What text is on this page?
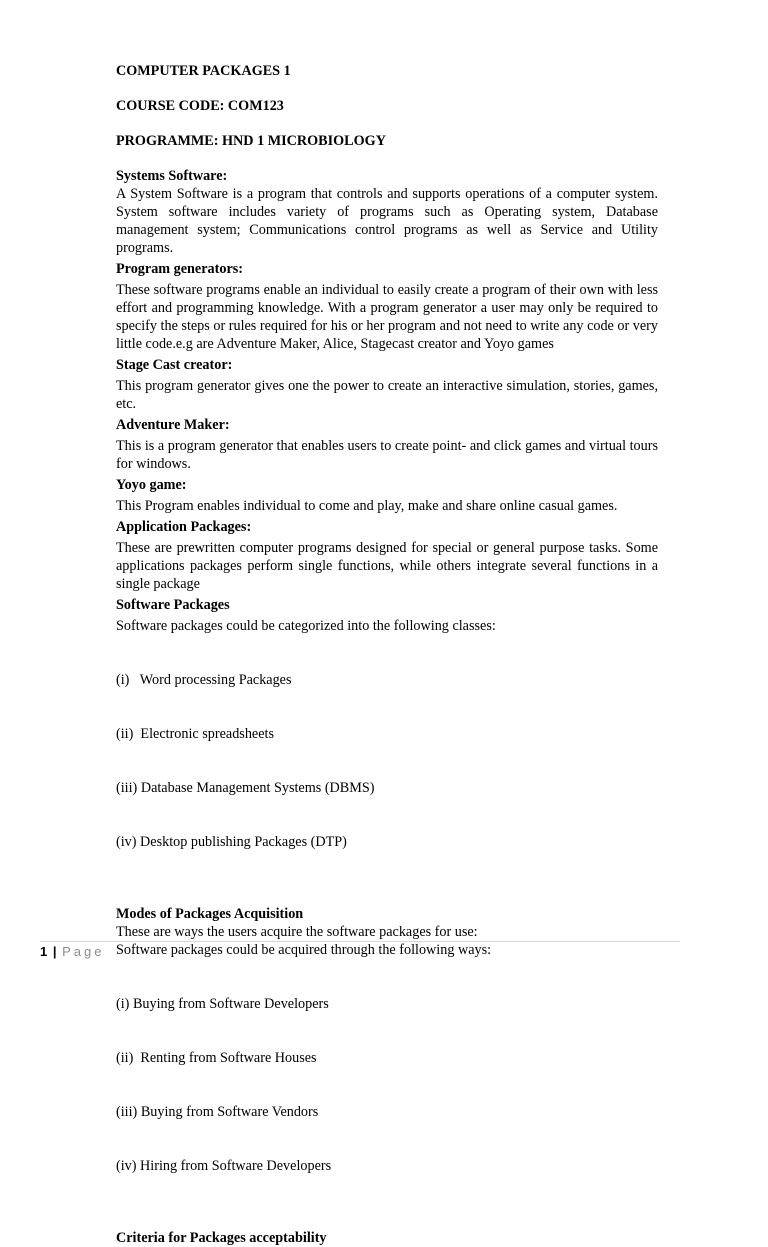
COMPUTER PACKAGES 1

COURSE CODE: COM123

PROGRAMME: HND 1 MICROBIOLOGY

Systems Software:

A System Software is a program that controls and supports operations of a computer system. System software includes variety of programs such as Operating system, Database management system; Communications control programs as well as Service and Utility programs.

Program generators:

These software programs enable an individual to easily create a program of their own with less effort and programming knowledge. With a program generator a user may only be required to specify the steps or rules required for his or her program and not need to write any code or very little code.e.g are Adventure Maker, Alice, Stagecast creator and Yoyo games

Stage Cast creator:

This program generator gives one the power to create an interactive simulation, stories, games, etc.

Adventure Maker:

This is a program generator that enables users to create point- and click games and virtual tours for windows.

Yoyo game:

This Program enables individual to come and play, make and share online casual games.

Application Packages:

These are prewritten computer programs designed for special or general purpose tasks. Some applications packages perform single functions, while others integrate several functions in a single package

Software Packages

Software packages could be categorized into the following classes:

(i)   Word processing Packages

(ii)  Electronic spreadsheets

(iii) Database Management Systems (DBMS)

(iv) Desktop publishing Packages (DTP)

Modes of Packages Acquisition

These are ways the users acquire the software packages for use:

Software packages could be acquired through the following ways:

(i) Buying from Software Developers

(ii)  Renting from Software Houses

(iii) Buying from Software Vendors

(iv) Hiring from Software Developers

Criteria for Packages acceptability

1 | Page
